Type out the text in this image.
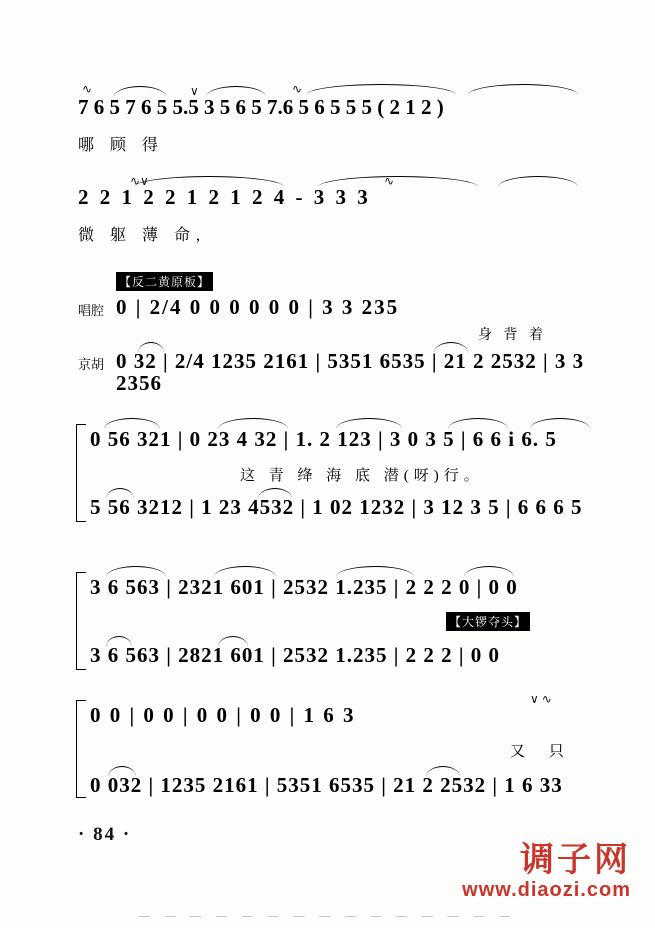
∿	∨	∿
7 6 5 7 6 5 5.5 3 5 6 5 7.6 5 6 5 5 5 ( 2 1 2 )
哪 顾 得
∿∨	∿
2 2 1 2 2 1 2 1 2 4 - 3 3 3
微 躯 薄 命,
【反二黄原板】
唱腔 0 | 2/4 0 0 0 0 0 0 | 3 3 235
身 背 着
京胡 0 32 | 2/4 1235 2161 | 5351 6535 | 21 2 2532 | 3 3 2356
0 56 321 | 0 23 4 32 | 1. 2 123 | 3 0 3 5 | 6 6 i 6. 5
这 青 绛 海 底 潜(呀)行。
5 56 3212 | 1 23 4532 | 1 02 1232 | 3 12 3 5 | 6 6 6 5
3 6 563 | 2321 601 | 2532 1.235 | 2 2 2 0 | 0 0
【大锣夺头】
3 6 563 | 2821 601 | 2532 1.235 | 2 2 2 | 0 0
∨ ∿
0 0 | 0 0 | 0 0 | 0 0 | 1 6 3
又 只
0 032 | 1235 2161 | 5351 6535 | 21 2 2532 | 1 6 33
· 84 ·
调子网
www.diaozi.com
— — — — — — — — — — — — — — —
